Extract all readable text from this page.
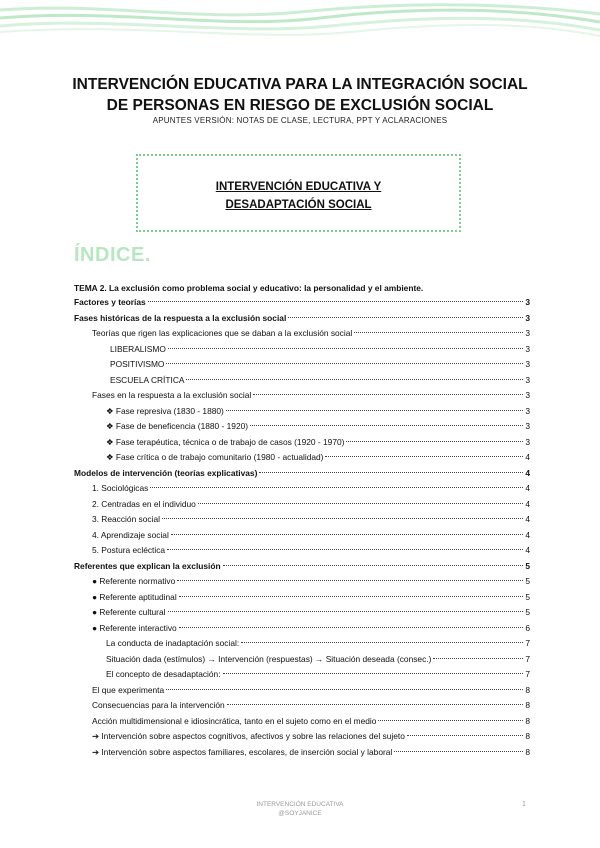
INTERVENCIÓN EDUCATIVA PARA LA INTEGRACIÓN SOCIAL
DE PERSONAS EN RIESGO DE EXCLUSIÓN SOCIAL
APUNTES VERSIÓN: NOTAS DE CLASE, LECTURA, PPT Y ACLARACIONES
INTERVENCIÓN EDUCATIVA Y
DESADAPTACIÓN SOCIAL
ÍNDICE.
TEMA 2. La exclusión como problema social y educativo: la personalidad y el ambiente.
Factores y teorías	3
Fases históricas de la respuesta a la exclusión social	3
Teorías que rigen las explicaciones que se daban a la exclusión social	3
LIBERALISMO	3
POSITIVISMO	3
ESCUELA CRÍTICA	3
Fases en la respuesta a la exclusión social	3
❖ Fase represiva (1830 - 1880)	3
❖ Fase de beneficencia (1880 - 1920)	3
❖ Fase terapéutica, técnica o de trabajo de casos (1920 - 1970)	3
❖ Fase crítica o de trabajo comunitario (1980 - actualidad)	4
Modelos de intervención (teorías explicativas)	4
1. Sociológicas	4
2. Centradas en el individuo	4
3. Reacción social	4
4. Aprendizaje social	4
5. Postura ecléctica	4
Referentes que explican la exclusión	5
● Referente normativo	5
● Referente aptitudinal	5
● Referente cultural	5
● Referente interactivo	6
La conducta de inadaptación social:	7
Situación dada (estímulos) → Intervención (respuestas) → Situación deseada (consec.)	7
El concepto de desadaptación:	7
El que experimenta	8
Consecuencias para la intervención	8
Acción multidimensional e idiosincrática, tanto en el sujeto como en el medio	8
➔ Intervención sobre aspectos cognitivos, afectivos y sobre las relaciones del sujeto	8
➔ Intervención sobre aspectos familiares, escolares, de inserción social y laboral	8
INTERVENCIÓN EDUCATIVA
@SOYJANICE
1
